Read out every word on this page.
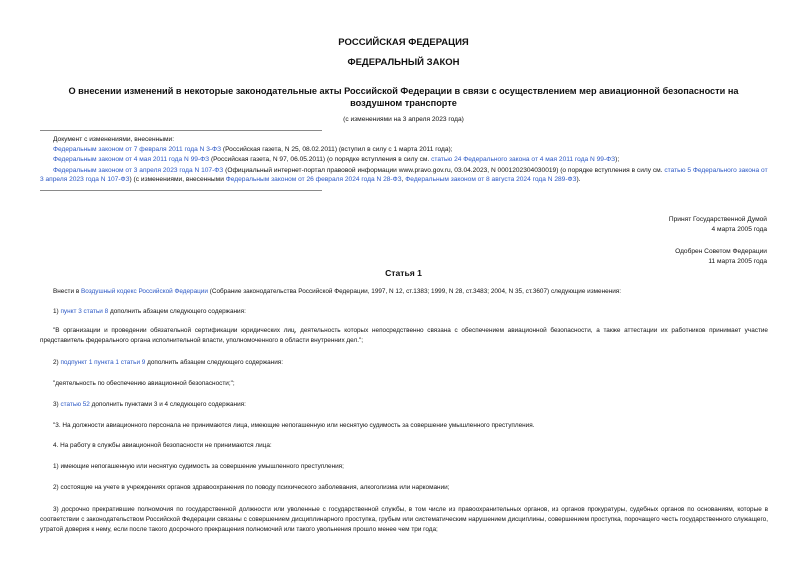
РОССИЙСКАЯ ФЕДЕРАЦИЯ
ФЕДЕРАЛЬНЫЙ ЗАКОН
О внесении изменений в некоторые законодательные акты Российской Федерации в связи с осуществлением мер авиационной безопасности на воздушном транспорте
(с изменениями на 3 апреля 2023 года)
Документ с изменениями, внесенными:
Федеральным законом от 7 февраля 2011 года N 3-ФЗ (Российская газета, N 25, 08.02.2011) (вступил в силу с 1 марта 2011 года);
Федеральным законом от 4 мая 2011 года N 99-ФЗ (Российская газета, N 97, 06.05.2011) (о порядке вступления в силу см. статью 24 Федерального закона от 4 мая 2011 года N 99-ФЗ);
Федеральным законом от 3 апреля 2023 года N 107-ФЗ (Официальный интернет-портал правовой информации www.pravo.gov.ru, 03.04.2023, N 0001202304030019) (о порядке вступления в силу см. статью 5 Федерального закона от 3 апреля 2023 года N 107-ФЗ) (с изменениями, внесенными Федеральным законом от 26 февраля 2024 года N 28-ФЗ, Федеральным законом от 8 августа 2024 года N 289-ФЗ).
Принят Государственной Думой
4 марта 2005 года
Одобрен Советом Федерации
11 марта 2005 года
Статья 1
Внести в Воздушный кодекс Российской Федерации (Собрание законодательства Российской Федерации, 1997, N 12, ст.1383; 1999, N 28, ст.3483; 2004, N 35, ст.3607) следующие изменения:
1) пункт 3 статьи 8 дополнить абзацем следующего содержания:
"В организации и проведении обязательной сертификации юридических лиц, деятельность которых непосредственно связана с обеспечением авиационной безопасности, а также аттестации их работников принимает участие представитель федерального органа исполнительной власти, уполномоченного в области внутренних дел.";
2) подпункт 1 пункта 1 статьи 9 дополнить абзацем следующего содержания:
"деятельность по обеспечению авиационной безопасности;";
3) статью 52 дополнить пунктами 3 и 4 следующего содержания:
"3. На должности авиационного персонала не принимаются лица, имеющие непогашенную или неснятую судимость за совершение умышленного преступления.
4. На работу в службы авиационной безопасности не принимаются лица:
1) имеющие непогашенную или неснятую судимость за совершение умышленного преступления;
2) состоящие на учете в учреждениях органов здравоохранения по поводу психического заболевания, алкоголизма или наркомании;
3) досрочно прекратившие полномочия по государственной должности или уволенные с государственной службы, в том числе из правоохранительных органов, из органов прокуратуры, судебных органов по основаниям, которые в соответствии с законодательством Российской Федерации связаны с совершением дисциплинарного проступка, грубым или систематическим нарушением дисциплины, совершением проступка, порочащего честь государственного служащего, утратой доверия к нему, если после такого досрочного прекращения полномочий или такого увольнения прошло менее чем три года;
